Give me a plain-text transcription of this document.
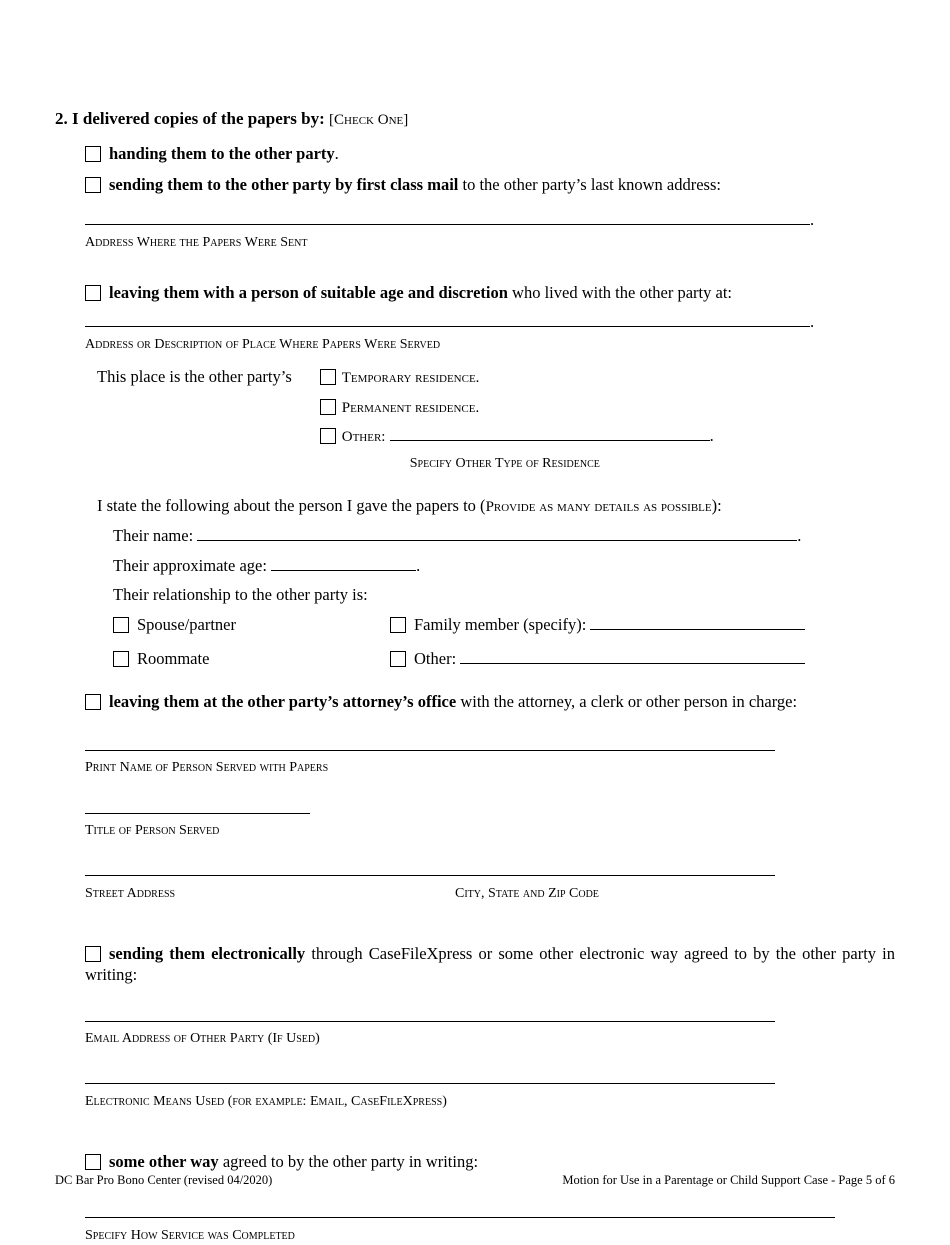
2. I delivered copies of the papers by: [Check One]

handing them to the other party.
sending them to the other party by first class mail to the other party’s last known address:
.
Address Where the Papers Were Sent
leaving them with a person of suitable age and discretion who lived with the other party at:
.
Address or Description of Place Where Papers Were Served
This place is the other party’s	Temporary residence.
Permanent residence.
Other:	.
Specify Other Type of Residence

I state the following about the person I gave the papers to (Provide as many details as possible):

Their name:	.

Their approximate age:	.

Their relationship to the other party is:

Spouse/partner	Family member (specify):
Roommate	Other:
leaving them at the other party’s attorney’s office with the attorney, a clerk or other person in charge:
Print Name of Person Served with Papers
Title of Person Served
Street Address	City, State and Zip Code

sending them electronically through CaseFileXpress or some other electronic way agreed to by the other party in writing:

Email Address of Other Party (If Used)
Electronic Means Used (for example: Email, CaseFileXpress)
some other way agreed to by the other party in writing:
Specify How Service was Completed
DC Bar Pro Bono Center (revised 04/2020)	Motion for Use in a Parentage or Child Support Case - Page 5 of 6
